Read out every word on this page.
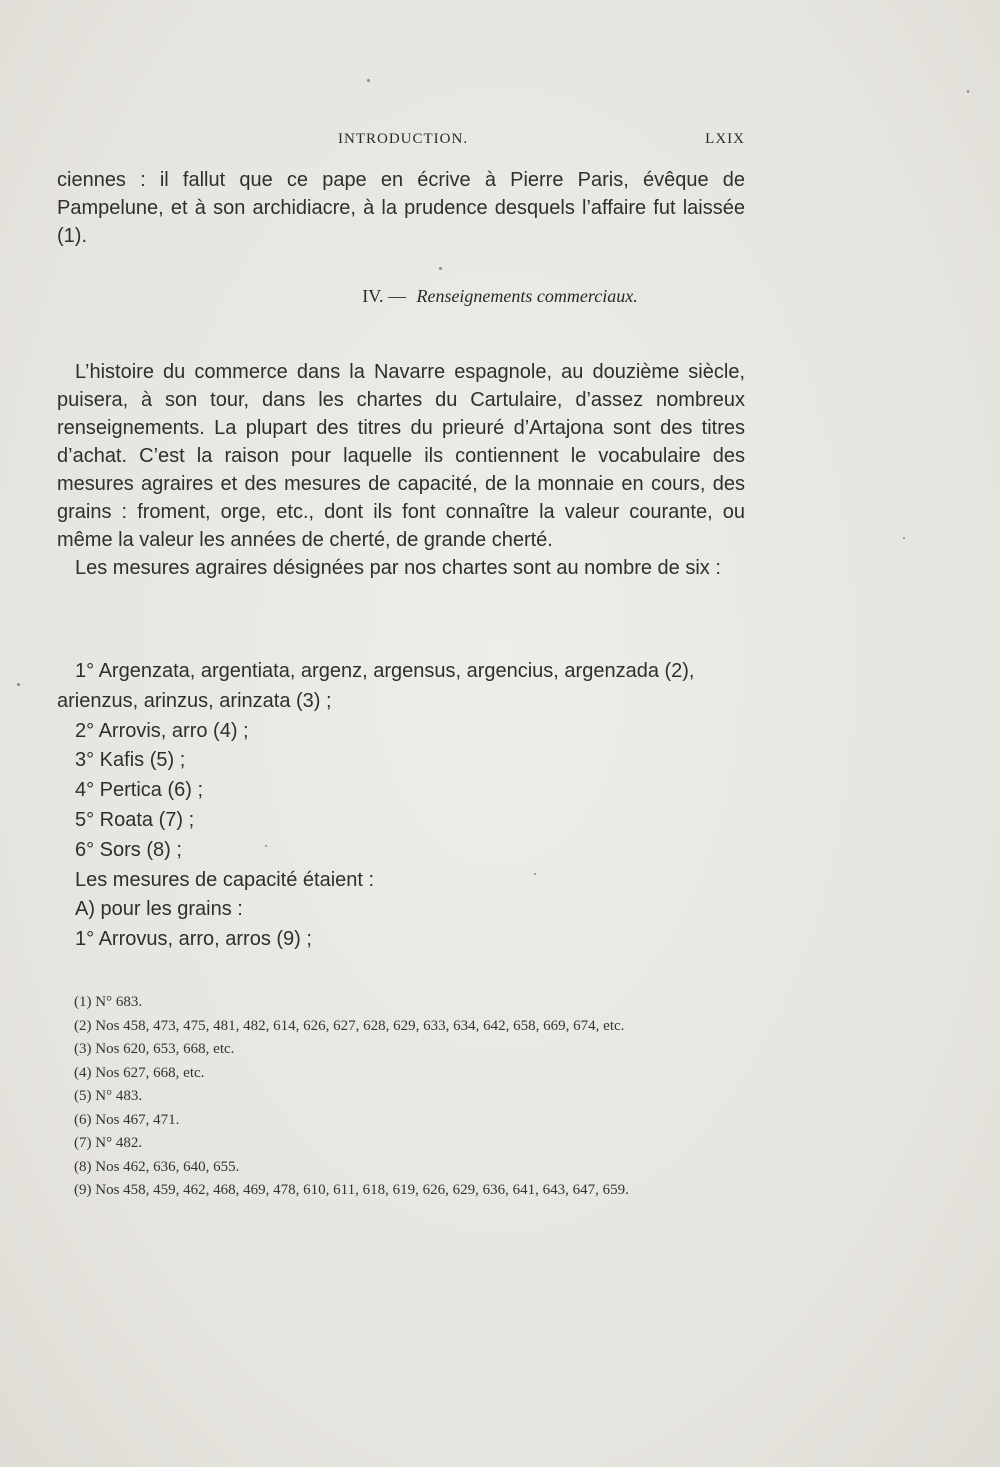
INTRODUCTION.	LXIX
ciennes : il fallut que ce pape en écrive à Pierre Paris, évêque de Pampelune, et à son archidiacre, à la prudence desquels l’affaire fut laissée (1).
IV. — Renseignements commerciaux.
L’histoire du commerce dans la Navarre espagnole, au douzième siècle, puisera, à son tour, dans les chartes du Cartulaire, d’assez nombreux renseignements. La plupart des titres du prieuré d’Artajona sont des titres d’achat. C’est la raison pour laquelle ils contiennent le vocabulaire des mesures agraires et des mesures de capacité, de la monnaie en cours, des grains : froment, orge, etc., dont ils font connaître la valeur courante, ou même la valeur les années de cherté, de grande cherté.
Les mesures agraires désignées par nos chartes sont au nombre de six :
1° Argenzata, argentiata, argenz, argensus, argencius, argenzada (2),
arienzus, arinzus, arinzata (3) ;
2° Arrovis, arro (4) ;
3° Kafis (5) ;
4° Pertica (6) ;
5° Roata (7) ;
6° Sors (8) ;
Les mesures de capacité étaient :
A) pour les grains :
1° Arrovus, arro, arros (9) ;
(1) N° 683.
(2) Nos 458, 473, 475, 481, 482, 614, 626, 627, 628, 629, 633, 634, 642, 658, 669, 674, etc.
(3) Nos 620, 653, 668, etc.
(4) Nos 627, 668, etc.
(5) N° 483.
(6) Nos 467, 471.
(7) N° 482.
(8) Nos 462, 636, 640, 655.
(9) Nos 458, 459, 462, 468, 469, 478, 610, 611, 618, 619, 626, 629, 636, 641, 643, 647, 659.
